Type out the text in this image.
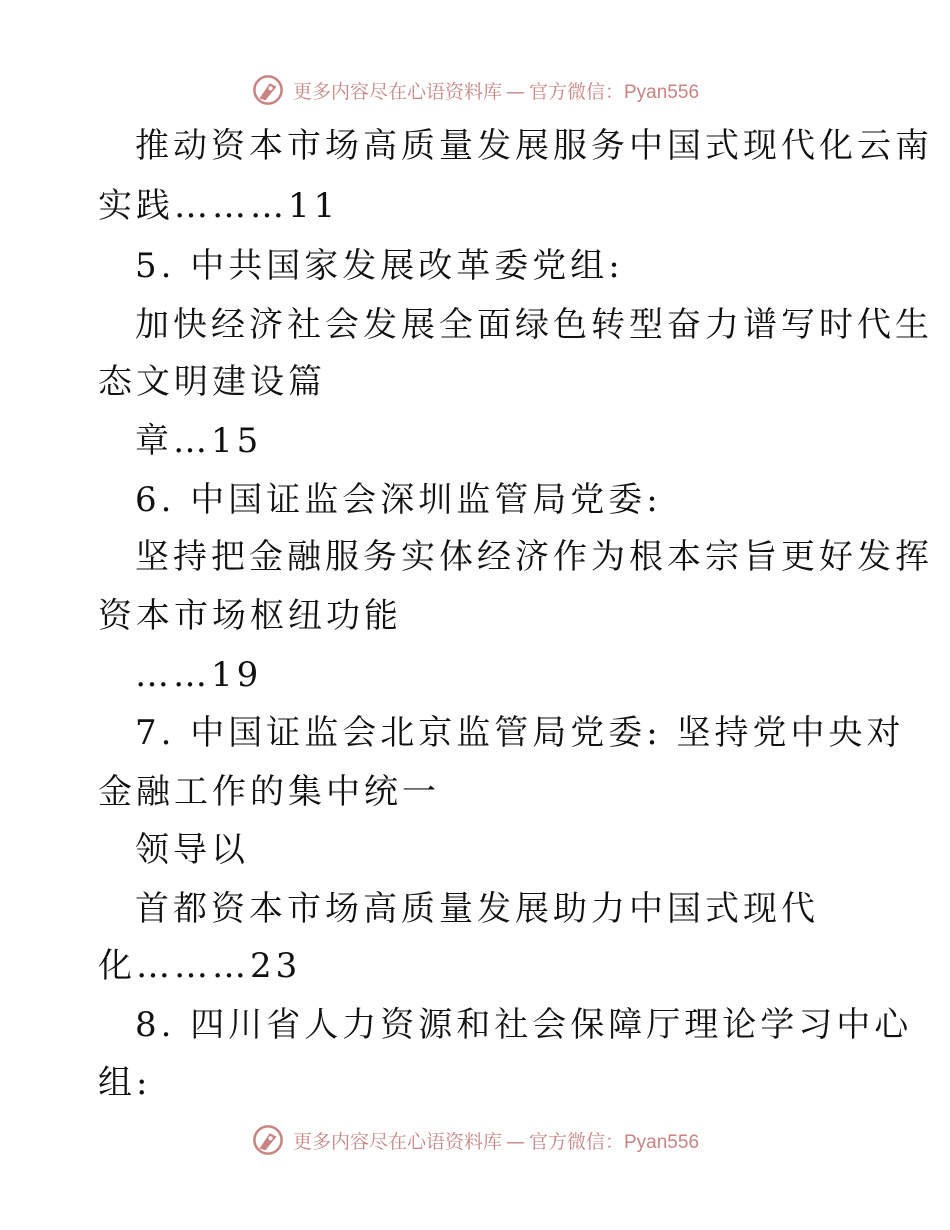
更多内容尽在心语资料库 — 官方微信：Pyan556
推动资本市场高质量发展服务中国式现代化云南
实践………11
5. 中共国家发展改革委党组:
加快经济社会发展全面绿色转型奋力谱写时代生
态文明建设篇
章…15
6. 中国证监会深圳监管局党委:
坚持把金融服务实体经济作为根本宗旨更好发挥
资本市场枢纽功能
……19
7. 中国证监会北京监管局党委: 坚持党中央对
金融工作的集中统一
领导以
首都资本市场高质量发展助力中国式现代
化………23
8. 四川省人力资源和社会保障厅理论学习中心
组:
更多内容尽在心语资料库 — 官方微信：Pyan556
